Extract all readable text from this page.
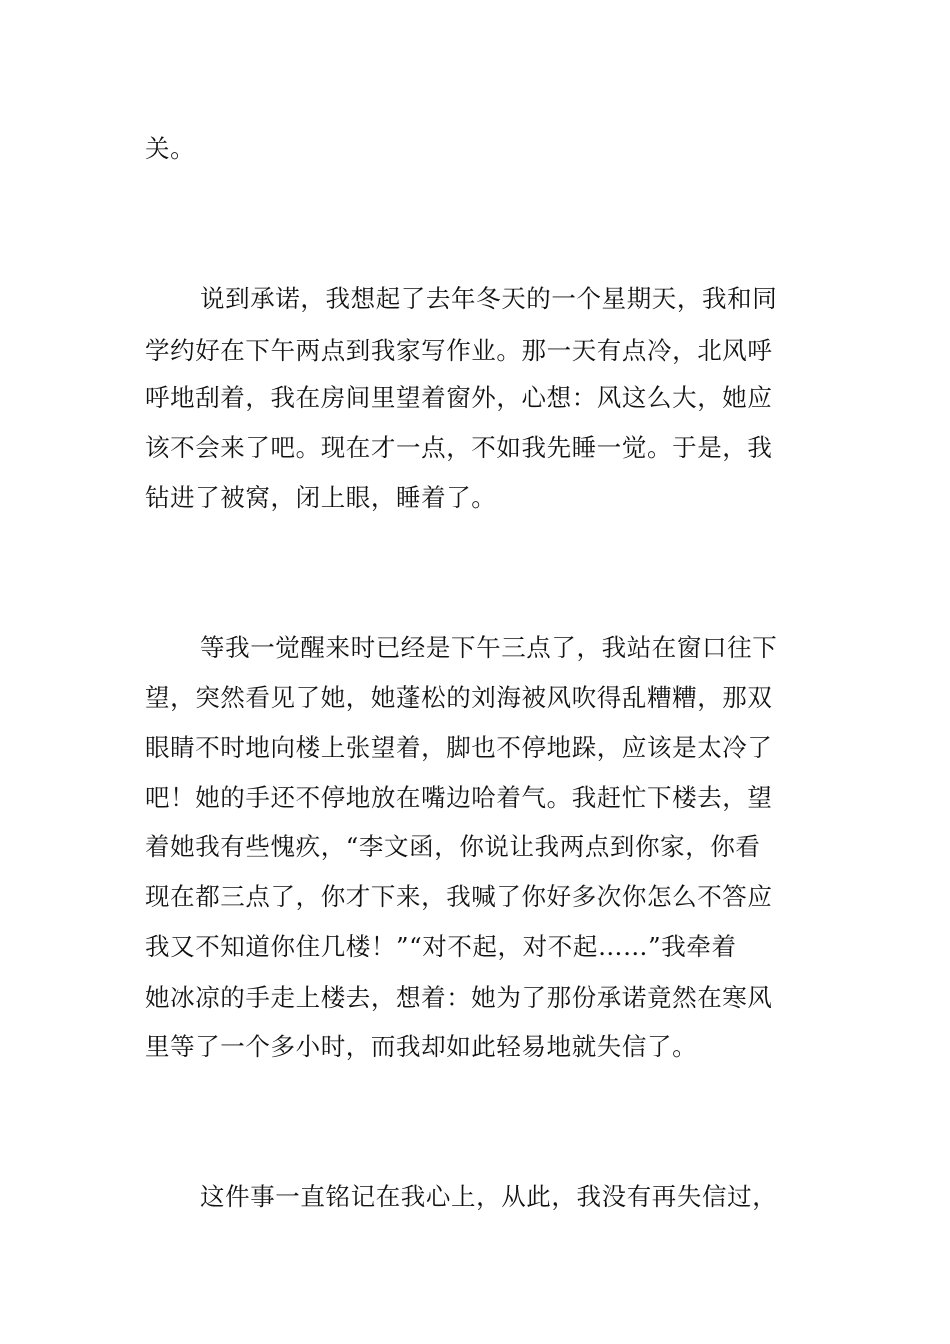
关。
说到承诺，我想起了去年冬天的一个星期天，我和同
学约好在下午两点到我家写作业。那一天有点冷，北风呼
呼地刮着，我在房间里望着窗外，心想：风这么大，她应
该不会来了吧。现在才一点，不如我先睡一觉。于是，我
钻进了被窝，闭上眼，睡着了。
等我一觉醒来时已经是下午三点了，我站在窗口往下
望，突然看见了她，她蓬松的刘海被风吹得乱糟糟，那双
眼睛不时地向楼上张望着，脚也不停地跺，应该是太冷了
吧！她的手还不停地放在嘴边哈着气。我赶忙下楼去，望
着她我有些愧疚，“李文函，你说让我两点到你家，你看
现在都三点了，你才下来，我喊了你好多次你怎么不答应
我又不知道你住几楼！”“对不起，对不起……”我牵着
她冰凉的手走上楼去，想着：她为了那份承诺竟然在寒风
里等了一个多小时，而我却如此轻易地就失信了。
这件事一直铭记在我心上，从此，我没有再失信过，
